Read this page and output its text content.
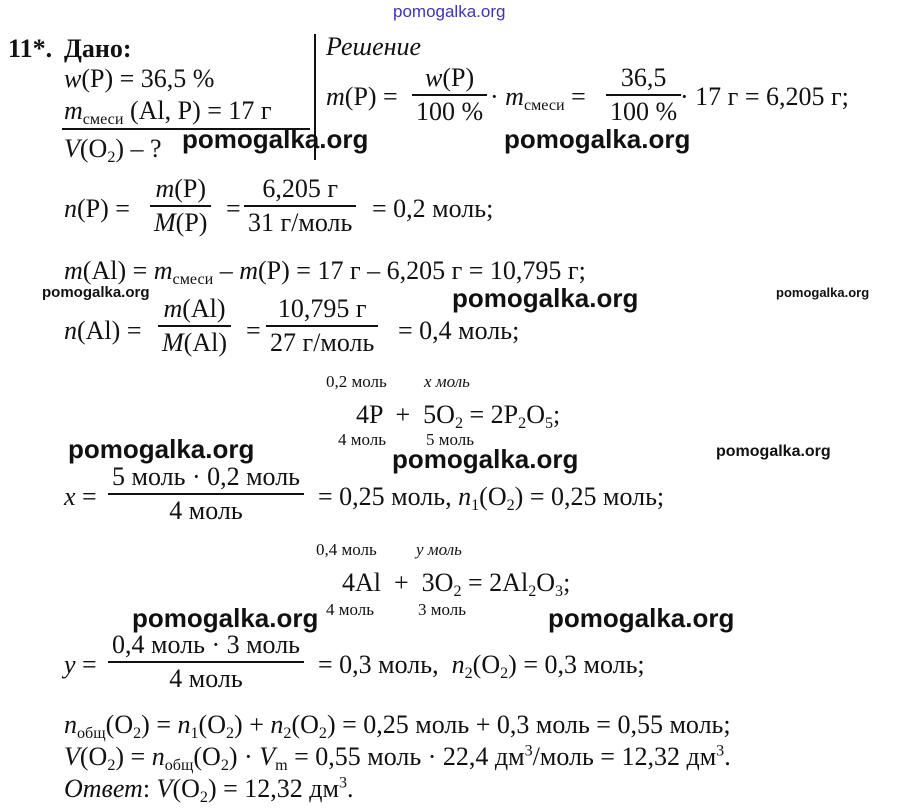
pomogalka.org
11*. Дано:
w(P) = 36,5 %
$m_{смеси}$ (Al, P) = 17 г
$V(O_2)$ – ?
Решение
m(P) =
w(P)
100 %
· $m_{смеси}$ =
36,5
100 %
· 17 г = 6,205 г;
n(P) =
m(P)
M(P) =
6,205 г
31 г/моль = 0,2 моль;
$m(Al) = m_{смеси} - m(P) = 17$ г – 6,205 г = 10,795 г;
n(Al) =
m(Al)
M(Al) =
10,795 г
27 г/моль = 0,4 моль;
0,2 моль x моль
$4P + 5O_2 = 2P_2O_5$;
4 моль 5 моль
x =
5 моль · 0,2 моль
4 моль	= 0,25 моль, $n_1(O_2) = 0,25$ моль;
0,4 моль y моль
$4Al + 3O_2 = 2Al_2O_3$;
4 моль	3 моль
y =
0,4 моль · 3 моль
4 моль	= 0,3 моль,  $n_2(O_2) = 0,3$ моль;
$n_{общ}(O_2) = n_1(O_2) + n_2(O_2) = 0,25$ моль + 0,3 моль = 0,55 моль;
$V(O_2) = n_{общ}(O_2) \cdot V_m = 0,55$ моль · 22,4 $дм^3$/моль = 12,32 $дм^3$.
Ответ: $V(O_2) = 12,32$ $дм^3$.
pomogalka.org	pomogalka.org
pomogalka.org	pomogalka.org	pomogalka.org
pomogalka.org	pomogalka.org	pomogalka.org
pomogalka.org	pomogalka.org
